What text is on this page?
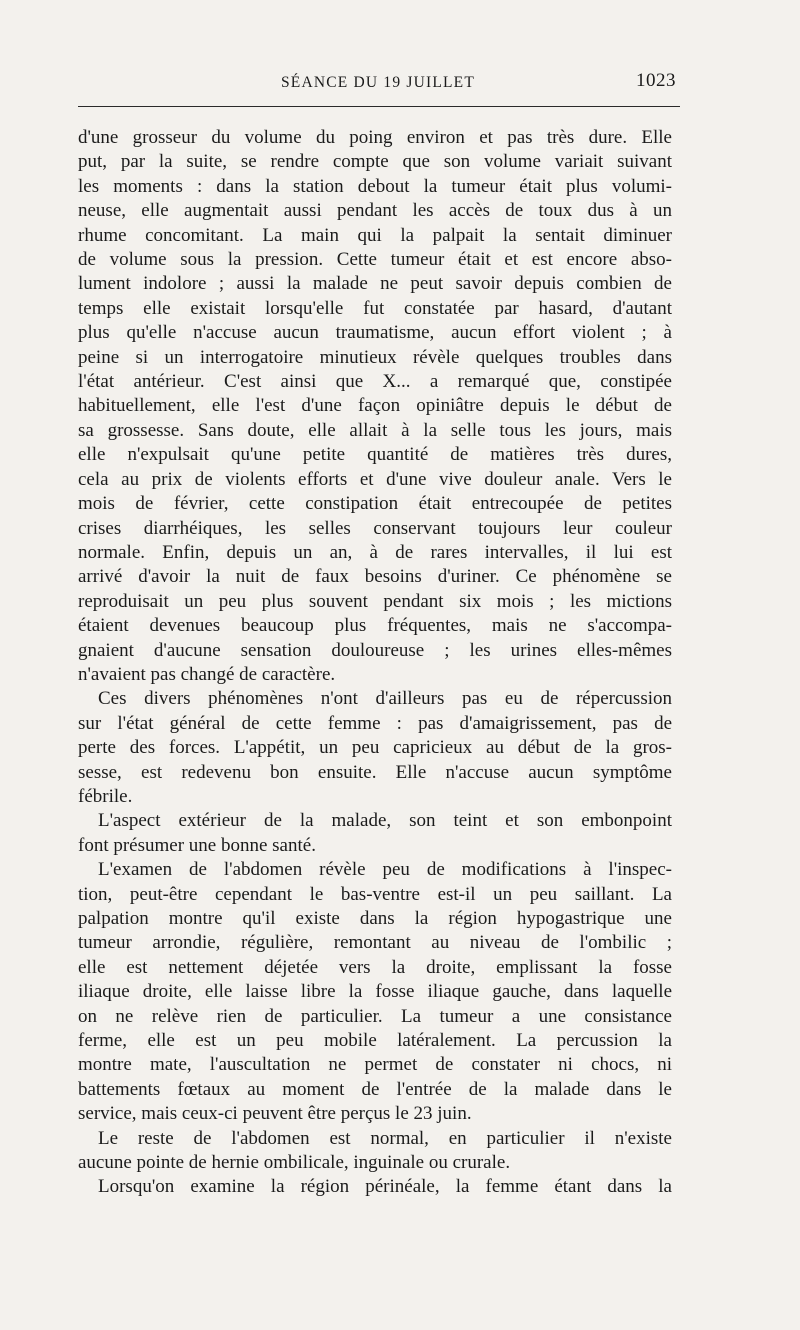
SÉANCE DU 19 JUILLET	1023

d'une grosseur du volume du poing environ et pas très dure. Elle

put, par la suite, se rendre compte que son volume variait suivant

les moments : dans la station debout la tumeur était plus volumi-

neuse, elle augmentait aussi pendant les accès de toux dus à un

rhume concomitant. La main qui la palpait la sentait diminuer

de volume sous la pression. Cette tumeur était et est encore abso-

lument indolore ; aussi la malade ne peut savoir depuis combien de

temps elle existait lorsqu'elle fut constatée par hasard, d'autant

plus qu'elle n'accuse aucun traumatisme, aucun effort violent ; à

peine si un interrogatoire minutieux révèle quelques troubles dans

l'état antérieur. C'est ainsi que X... a remarqué que, constipée

habituellement, elle l'est d'une façon opiniâtre depuis le début de

sa grossesse. Sans doute, elle allait à la selle tous les jours, mais

elle n'expulsait qu'une petite quantité de matières très dures,

cela au prix de violents efforts et d'une vive douleur anale. Vers le

mois de février, cette constipation était entrecoupée de petites

crises diarrhéiques, les selles conservant toujours leur couleur

normale. Enfin, depuis un an, à de rares intervalles, il lui est

arrivé d'avoir la nuit de faux besoins d'uriner. Ce phénomène se

reproduisait un peu plus souvent pendant six mois ; les mictions

étaient devenues beaucoup plus fréquentes, mais ne s'accompa-

gnaient d'aucune sensation douloureuse ; les urines elles-mêmes

n'avaient pas changé de caractère.

Ces divers phénomènes n'ont d'ailleurs pas eu de répercussion

sur l'état général de cette femme : pas d'amaigrissement, pas de

perte des forces. L'appétit, un peu capricieux au début de la gros-

sesse, est redevenu bon ensuite. Elle n'accuse aucun symptôme

fébrile.

L'aspect extérieur de la malade, son teint et son embonpoint

font présumer une bonne santé.

L'examen de l'abdomen révèle peu de modifications à l'inspec-

tion, peut-être cependant le bas-ventre est-il un peu saillant. La

palpation montre qu'il existe dans la région hypogastrique une

tumeur arrondie, régulière, remontant au niveau de l'ombilic ;

elle est nettement déjetée vers la droite, emplissant la fosse

iliaque droite, elle laisse libre la fosse iliaque gauche, dans laquelle

on ne relève rien de particulier. La tumeur a une consistance

ferme, elle est un peu mobile latéralement. La percussion la

montre mate, l'auscultation ne permet de constater ni chocs, ni

battements fœtaux au moment de l'entrée de la malade dans le

service, mais ceux-ci peuvent être perçus le 23 juin.

Le reste de l'abdomen est normal, en particulier il n'existe

aucune pointe de hernie ombilicale, inguinale ou crurale.

Lorsqu'on examine la région périnéale, la femme étant dans la
